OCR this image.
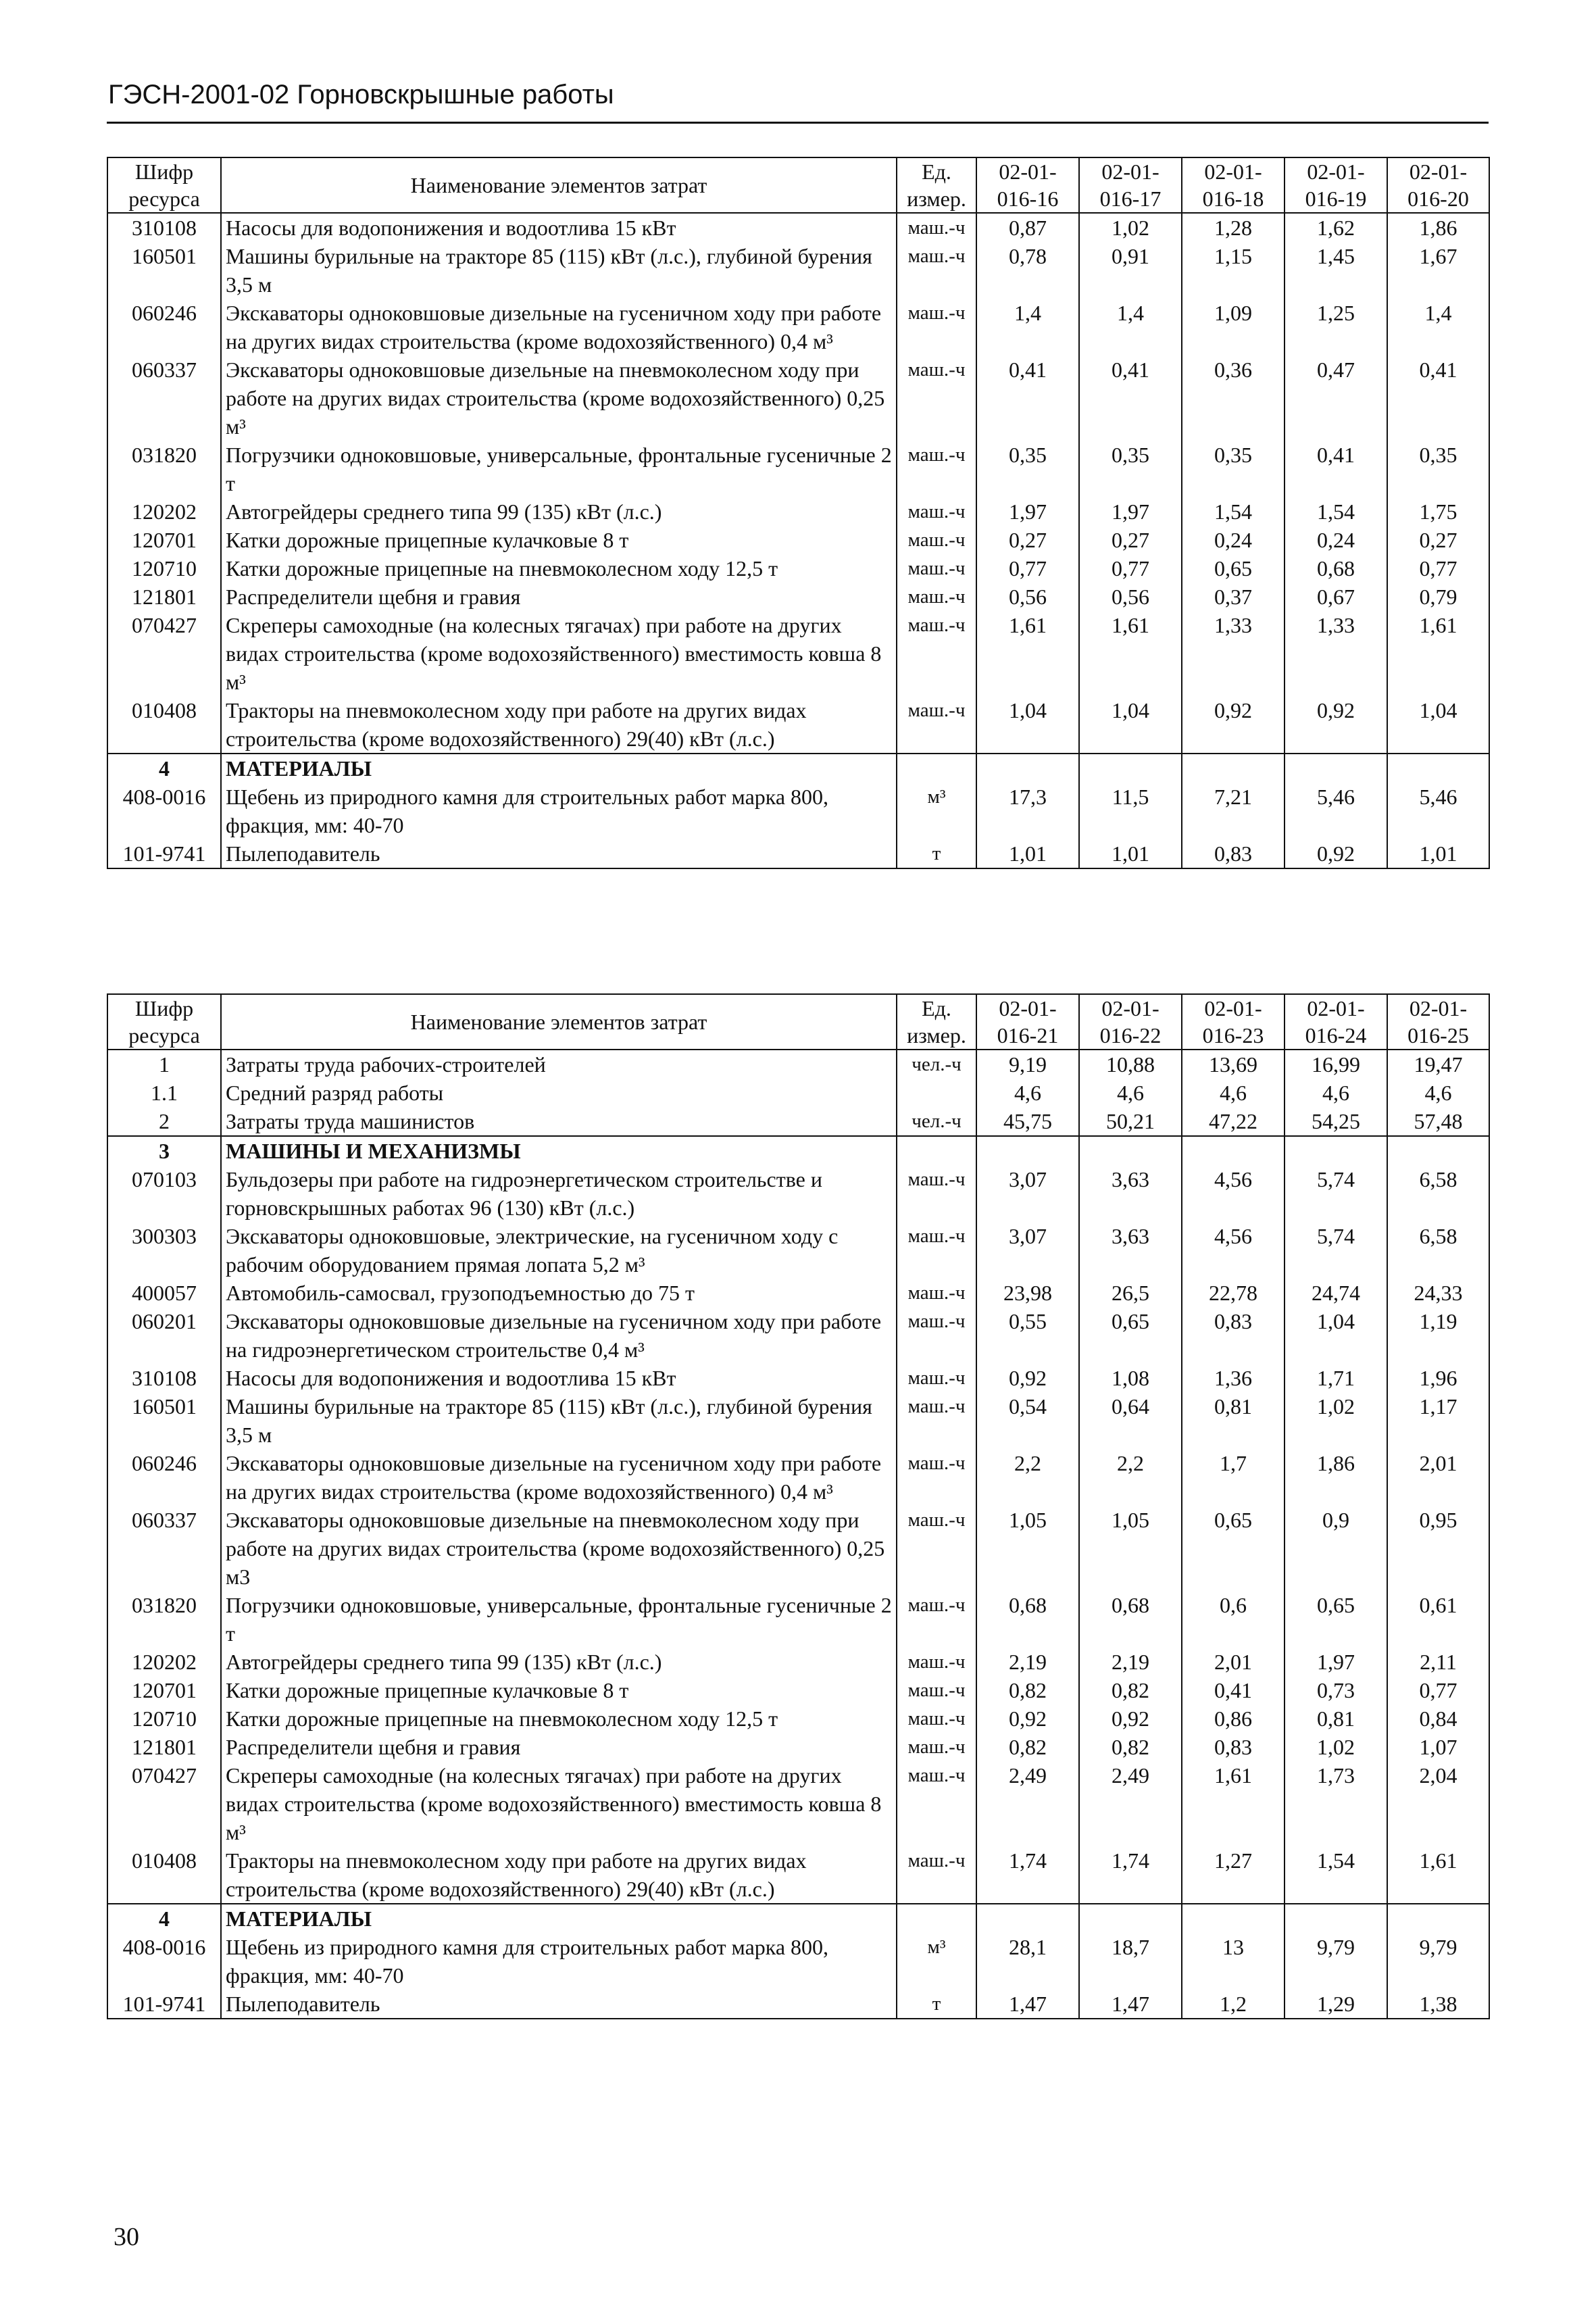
ГЭСН-2001-02 Горновскрышные работы
Шифр ресурса	Наименование элементов затрат	Ед. измер.	02-01-016-16	02-01-016-17	02-01-016-18	02-01-016-19	02-01-016-20
310108	Насосы для водопонижения и водоотлива 15 кВт	маш.-ч	0,87	1,02	1,28	1,62	1,86
160501	Машины бурильные на тракторе 85 (115) кВт (л.с.), глубиной бурения 3,5 м	маш.-ч	0,78	0,91	1,15	1,45	1,67
060246	Экскаваторы одноковшовые дизельные на гусеничном ходу при работе на других видах строительства (кроме водохозяйственного) 0,4 м³	маш.-ч	1,4	1,4	1,09	1,25	1,4
060337	Экскаваторы одноковшовые дизельные на пневмоколесном ходу при работе на других видах строительства (кроме водохозяйственного) 0,25 м³	маш.-ч	0,41	0,41	0,36	0,47	0,41
031820	Погрузчики одноковшовые, универсальные, фронтальные гусеничные 2 т	маш.-ч	0,35	0,35	0,35	0,41	0,35
120202	Автогрейдеры среднего типа 99 (135) кВт (л.с.)	маш.-ч	1,97	1,97	1,54	1,54	1,75
120701	Катки дорожные прицепные кулачковые 8 т	маш.-ч	0,27	0,27	0,24	0,24	0,27
120710	Катки дорожные прицепные на пневмоколесном ходу 12,5 т	маш.-ч	0,77	0,77	0,65	0,68	0,77
121801	Распределители щебня и гравия	маш.-ч	0,56	0,56	0,37	0,67	0,79
070427	Скреперы самоходные (на колесных тягачах) при работе на других видах строительства (кроме водохозяйственного) вместимость ковша 8 м³	маш.-ч	1,61	1,61	1,33	1,33	1,61
010408	Тракторы на пневмоколесном ходу при работе на других видах строительства (кроме водохозяйственного) 29(40) кВт (л.с.)	маш.-ч	1,04	1,04	0,92	0,92	1,04
4	МАТЕРИАЛЫ						
408-0016	Щебень из природного камня для строительных работ марка 800, фракция, мм: 40-70	м³	17,3	11,5	7,21	5,46	5,46
101-9741	Пылеподавитель	т	1,01	1,01	0,83	0,92	1,01
Шифр ресурса	Наименование элементов затрат	Ед. измер.	02-01-016-21	02-01-016-22	02-01-016-23	02-01-016-24	02-01-016-25
1	Затраты труда рабочих-строителей	чел.-ч	9,19	10,88	13,69	16,99	19,47
1.1	Средний разряд работы		4,6	4,6	4,6	4,6	4,6
2	Затраты труда машинистов	чел.-ч	45,75	50,21	47,22	54,25	57,48
3	МАШИНЫ И МЕХАНИЗМЫ						
070103	Бульдозеры при работе на гидроэнергетическом строительстве и горновскрышных работах 96 (130) кВт (л.с.)	маш.-ч	3,07	3,63	4,56	5,74	6,58
300303	Экскаваторы одноковшовые, электрические, на гусеничном ходу с рабочим оборудованием прямая лопата 5,2 м³	маш.-ч	3,07	3,63	4,56	5,74	6,58
400057	Автомобиль-самосвал, грузоподъемностью до 75 т	маш.-ч	23,98	26,5	22,78	24,74	24,33
060201	Экскаваторы одноковшовые дизельные на гусеничном ходу при работе на гидроэнергетическом строительстве 0,4 м³	маш.-ч	0,55	0,65	0,83	1,04	1,19
310108	Насосы для водопонижения и водоотлива 15 кВт	маш.-ч	0,92	1,08	1,36	1,71	1,96
160501	Машины бурильные на тракторе 85 (115) кВт (л.с.), глубиной бурения 3,5 м	маш.-ч	0,54	0,64	0,81	1,02	1,17
060246	Экскаваторы одноковшовые дизельные на гусеничном ходу при работе на других видах строительства (кроме водохозяйственного) 0,4 м³	маш.-ч	2,2	2,2	1,7	1,86	2,01
060337	Экскаваторы одноковшовые дизельные на пневмоколесном ходу при работе на других видах строительства (кроме водохозяйственного) 0,25 м3	маш.-ч	1,05	1,05	0,65	0,9	0,95
031820	Погрузчики одноковшовые, универсальные, фронтальные гусеничные 2 т	маш.-ч	0,68	0,68	0,6	0,65	0,61
120202	Автогрейдеры среднего типа 99 (135) кВт (л.с.)	маш.-ч	2,19	2,19	2,01	1,97	2,11
120701	Катки дорожные прицепные кулачковые 8 т	маш.-ч	0,82	0,82	0,41	0,73	0,77
120710	Катки дорожные прицепные на пневмоколесном ходу 12,5 т	маш.-ч	0,92	0,92	0,86	0,81	0,84
121801	Распределители щебня и гравия	маш.-ч	0,82	0,82	0,83	1,02	1,07
070427	Скреперы самоходные (на колесных тягачах) при работе на других видах строительства (кроме водохозяйственного) вместимость ковша 8 м³	маш.-ч	2,49	2,49	1,61	1,73	2,04
010408	Тракторы на пневмоколесном ходу при работе на других видах строительства (кроме водохозяйственного) 29(40) кВт (л.с.)	маш.-ч	1,74	1,74	1,27	1,54	1,61
4	МАТЕРИАЛЫ						
408-0016	Щебень из природного камня для строительных работ марка 800, фракция, мм: 40-70	м³	28,1	18,7	13	9,79	9,79
101-9741	Пылеподавитель	т	1,47	1,47	1,2	1,29	1,38
30
